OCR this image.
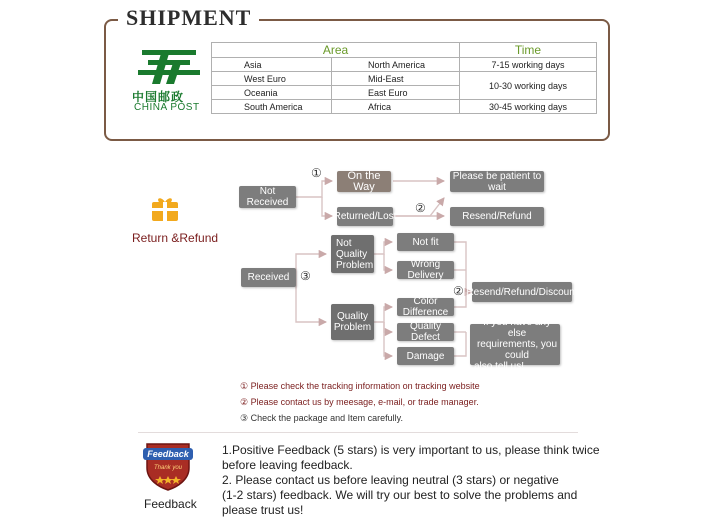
SHIPMENT
中国邮政
CHINA POST
Area		Time
Asia	North America	7-15 working days
West Euro	Mid-East	10-30 working days
Oceania	East Euro	
South America	Africa	30-45 working days
Return &Refund
Not Received
①	On the Way
Please be patient to wait
Returned/Lost
②
Resend/Refund
Received ③
Not
Quality
Problem
Not fit
Wrong Delivery
Quality
Problem
Color Difference
Quality Defect
Damage
② Resend/Refund/Discount
If you have any else
requirements, you could
also tell us!
① Please check the tracking information on tracking website
② Please contact us by meesage, e-mail, or trade manager.
③ Check the package and Item carefully.
Feedback
Thank you
Feedback
1.Positive Feedback (5 stars) is very important to us, please think twice
before leaving feedback.
2. Please contact us before leaving neutral (3 stars) or negative
(1-2 stars) feedback. We will try our best to solve the problems and
please trust us!
